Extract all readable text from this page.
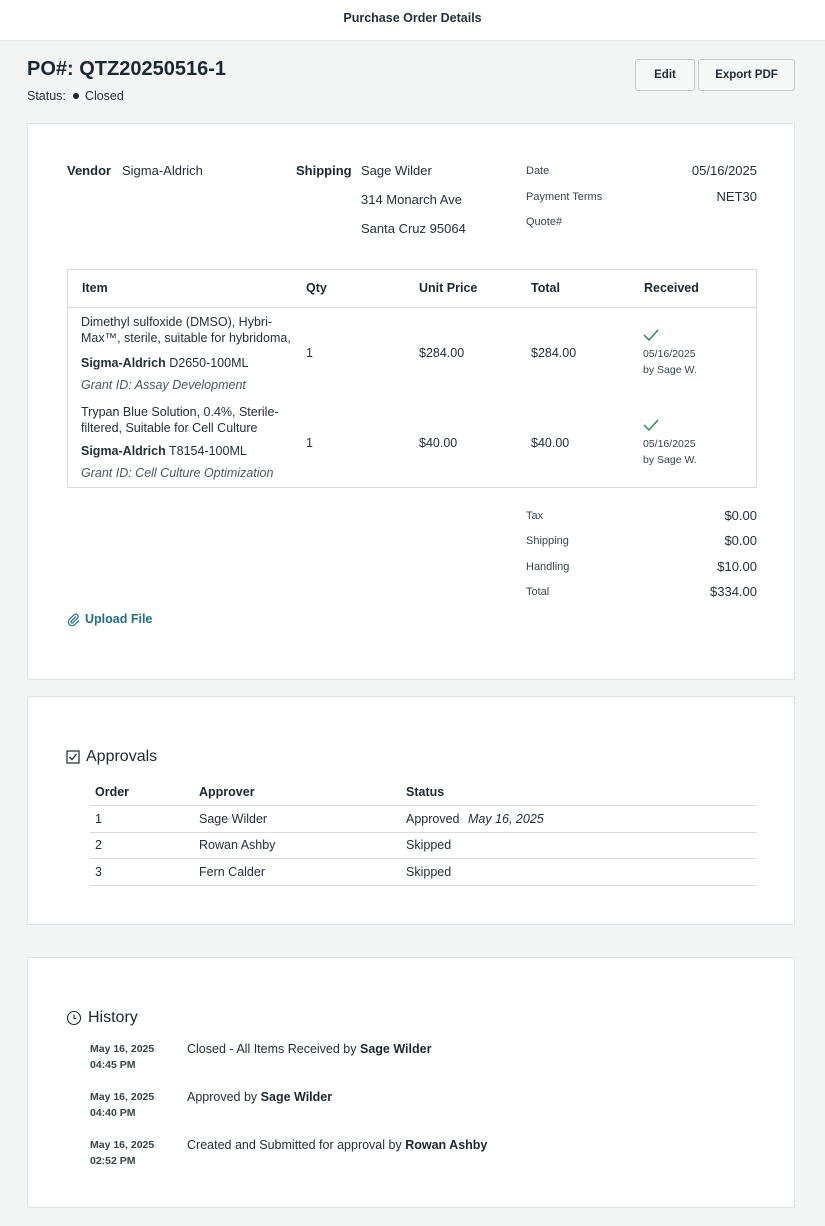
Purchase Order Details
PO#: QTZ20250516-1
Status: Closed
Edit	Export PDF
Vendor Sigma-Aldrich	Shipping Sage Wilder
314 Monarch Ave
Santa Cruz 95064
Date	05/16/2025
Payment Terms	NET30
Quote#
Item	Qty	Unit Price	Total	Received
Dimethyl sulfoxide (DMSO), Hybri-Max™, sterile, suitable for hybridoma,
Sigma-Aldrich D2650-100ML
Grant ID: Assay Development
1	$284.00	$284.00	05/16/2025
by Sage W.
Trypan Blue Solution, 0.4%, Sterile-filtered, Suitable for Cell Culture
Sigma-Aldrich T8154-100ML
Grant ID: Cell Culture Optimization
1	$40.00	$40.00	05/16/2025
by Sage W.
Tax	$0.00
Shipping	$0.00
Handling	$10.00
Total	$334.00
Upload File
Approvals
Order	Approver	Status
1	Sage Wilder	Approved May 16, 2025
2	Rowan Ashby	Skipped
3	Fern Calder	Skipped
History
May 16, 2025
04:45 PM
Closed - All Items Received by Sage Wilder
May 16, 2025
04:40 PM
Approved by Sage Wilder
May 16, 2025
02:52 PM
Created and Submitted for approval by Rowan Ashby
